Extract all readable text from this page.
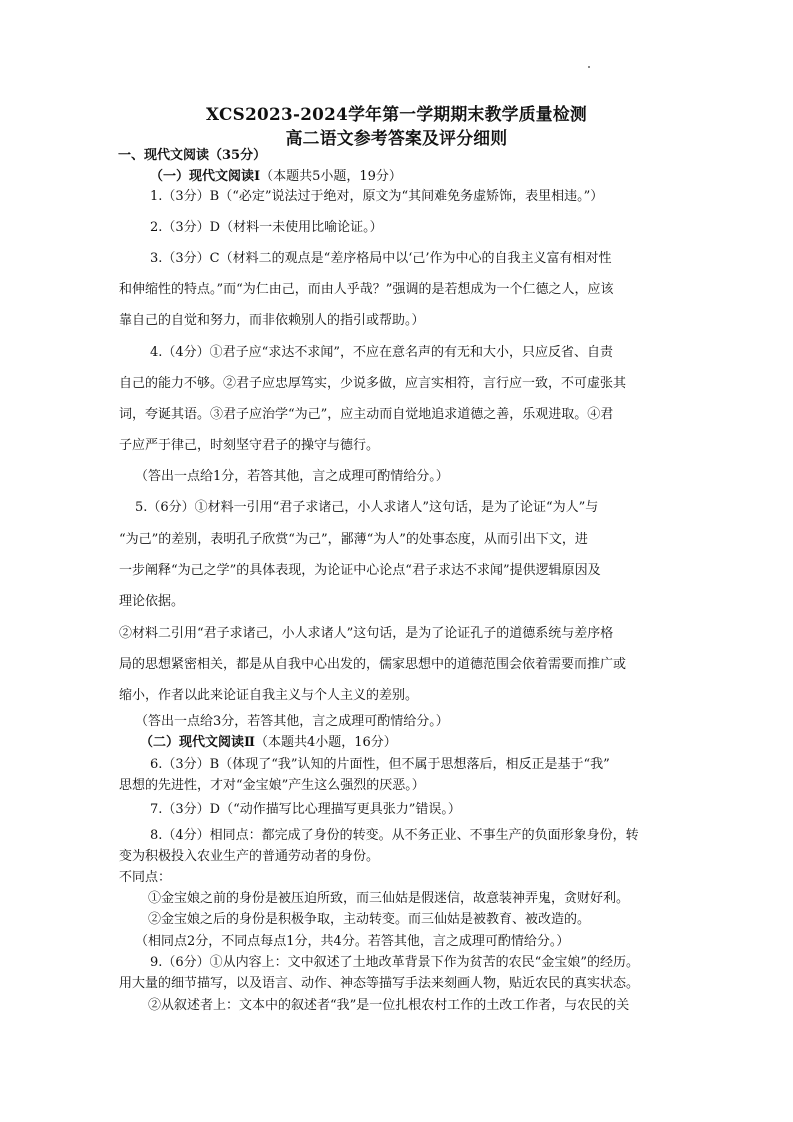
XCS2023-2024学年第一学期期末教学质量检测
高二语文参考答案及评分细则
一、现代文阅读（35分）
（一）现代文阅读Ⅰ（本题共5小题，19分）
1.（3分）B（“必定”说法过于绝对，原文为“其间难免务虚矫饰，表里相违。”）
2.（3分）D（材料一未使用比喻论证。）
3.（3分）C（材料二的观点是“差序格局中以‘己’作为中心的自我主义富有相对性
和伸缩性的特点。”而“为仁由己，而由人乎哉？”强调的是若想成为一个仁德之人，应该
靠自己的自觉和努力，而非依赖别人的指引或帮助。）
4.（4分）①君子应“求达不求闻”，不应在意名声的有无和大小，只应反省、自责
自己的能力不够。②君子应忠厚笃实，少说多做，应言实相符，言行应一致，不可虚张其
词，夸诞其语。③君子应治学“为己”，应主动而自觉地追求道德之善，乐观进取。④君
子应严于律己，时刻坚守君子的操守与德行。
（答出一点给1分，若答其他，言之成理可酌情给分。）
5.（6分）①材料一引用“君子求诸己，小人求诸人”这句话，是为了论证“为人”与
“为己”的差别，表明孔子欣赏“为己”，鄙薄“为人”的处事态度，从而引出下文，进
一步阐释“为己之学”的具体表现，为论证中心论点“君子求达不求闻”提供逻辑原因及
理论依据。
②材料二引用“君子求诸己，小人求诸人”这句话，是为了论证孔子的道德系统与差序格
局的思想紧密相关，都是从自我中心出发的，儒家思想中的道德范围会依着需要而推广或
缩小，作者以此来论证自我主义与个人主义的差别。
（答出一点给3分，若答其他，言之成理可酌情给分。）
（二）现代文阅读Ⅱ（本题共4小题，16分）
6.（3分）B（体现了“我”认知的片面性，但不属于思想落后，相反正是基于“我”
思想的先进性，才对“金宝娘”产生这么强烈的厌恶。）
7.（3分）D（“动作描写比心理描写更具张力”错误。）
8.（4分）相同点：都完成了身份的转变。从不务正业、不事生产的负面形象身份，转
变为积极投入农业生产的普通劳动者的身份。
不同点：
①金宝娘之前的身份是被压迫所致，而三仙姑是假迷信，故意装神弄鬼，贪财好利。
②金宝娘之后的身份是积极争取，主动转变。而三仙姑是被教育、被改造的。
（相同点2分，不同点每点1分，共4分。若答其他，言之成理可酌情给分。）
9.（6分）①从内容上：文中叙述了土地改革背景下作为贫苦的农民“金宝娘”的经历。
用大量的细节描写，以及语言、动作、神态等描写手法来刻画人物，贴近农民的真实状态。
②从叙述者上：文本中的叙述者“我”是一位扎根农村工作的土改工作者，与农民的关
